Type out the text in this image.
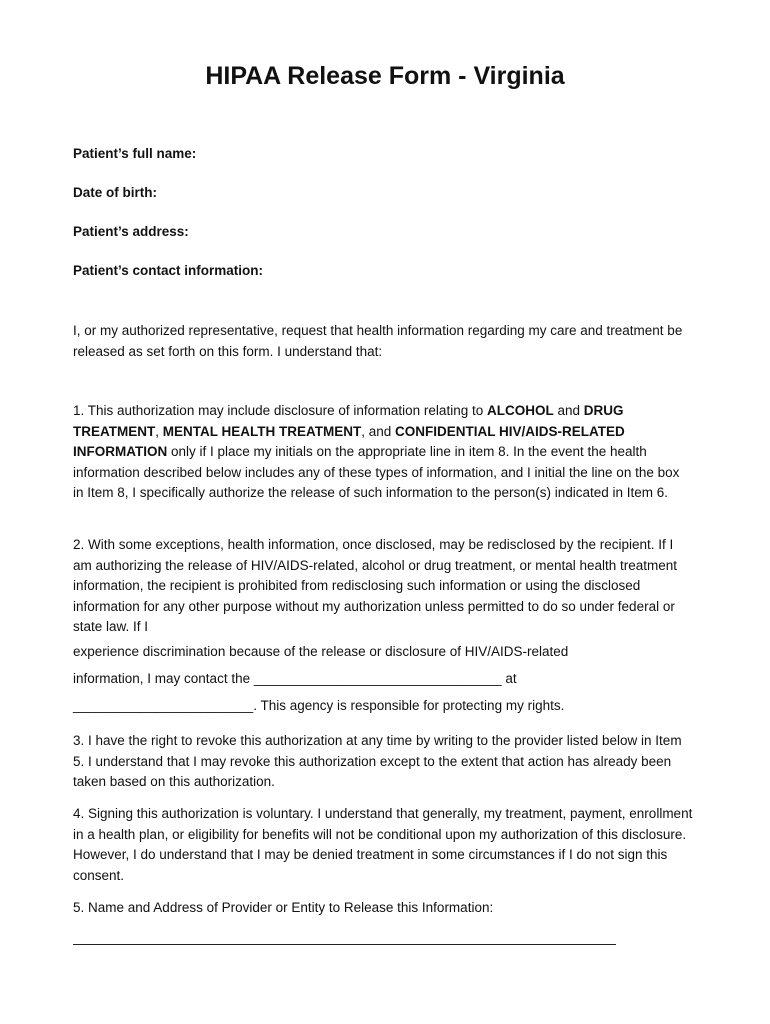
HIPAA Release Form - Virginia

Patient’s full name:

Date of birth:

Patient’s address:

Patient’s contact information:

I, or my authorized representative, request that health information regarding my care and treatment be released as set forth on this form. I understand that:

1. This authorization may include disclosure of information relating to ALCOHOL and DRUG TREATMENT, MENTAL HEALTH TREATMENT, and CONFIDENTIAL HIV/AIDS-RELATED INFORMATION only if I place my initials on the appropriate line in item 8. In the event the health information described below includes any of these types of information, and I initial the line on the box in Item 8, I specifically authorize the release of such information to the person(s) indicated in Item 6.

2. With some exceptions, health information, once disclosed, may be redisclosed by the recipient. If I am authorizing the release of HIV/AIDS-related, alcohol or drug treatment, or mental health treatment information, the recipient is prohibited from redisclosing such information or using the disclosed information for any other purpose without my authorization unless permitted to do so under federal or state law. If I

experience discrimination because of the release or disclosure of HIV/AIDS-related

information, I may contact the _________________________________ at

________________________. This agency is responsible for protecting my rights.

3. I have the right to revoke this authorization at any time by writing to the provider listed below in Item 5. I understand that I may revoke this authorization except to the extent that action has already been taken based on this authorization.

4. Signing this authorization is voluntary. I understand that generally, my treatment, payment, enrollment in a health plan, or eligibility for benefits will not be conditional upon my authorization of this disclosure. However, I do understand that I may be denied treatment in some circumstances if I do not sign this consent.

5. Name and Address of Provider or Entity to Release this Information:
